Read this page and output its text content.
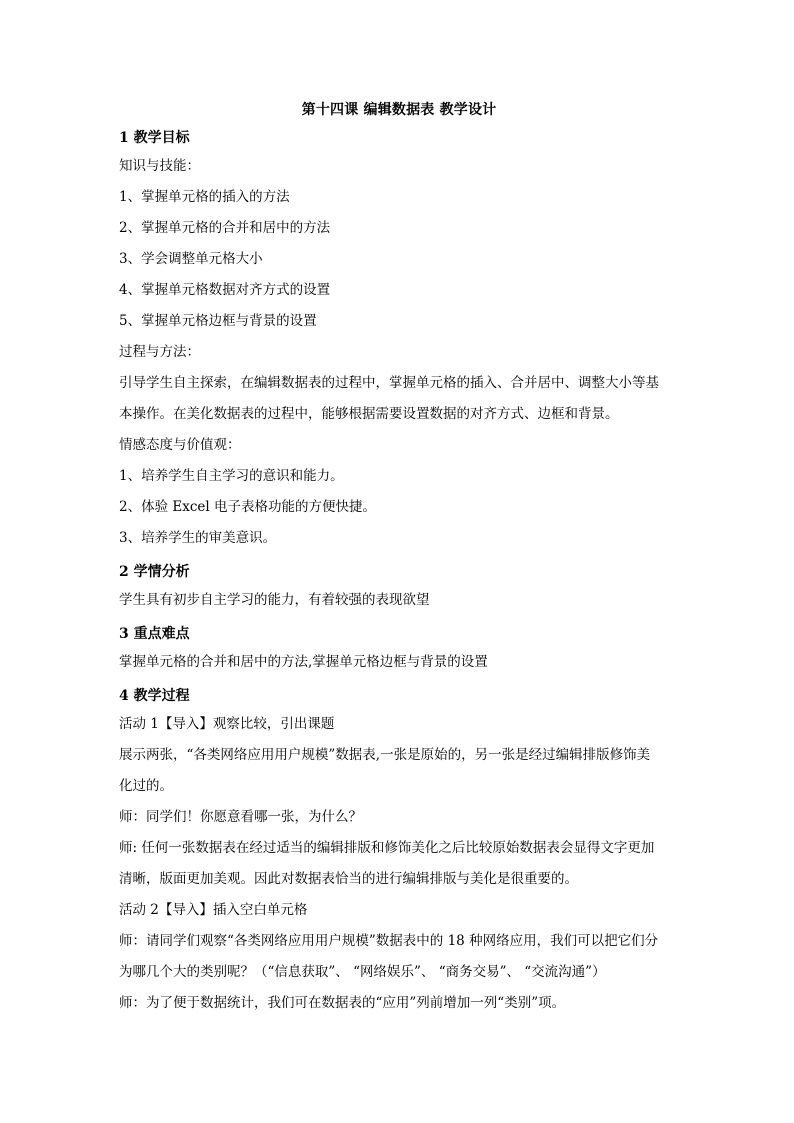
第十四课 编辑数据表 教学设计
1 教学目标
知识与技能：
1、掌握单元格的插入的方法
2、掌握单元格的合并和居中的方法
3、学会调整单元格大小
4、掌握单元格数据对齐方式的设置
5、掌握单元格边框与背景的设置
过程与方法：
引导学生自主探索，在编辑数据表的过程中，掌握单元格的插入、合并居中、调整大小等基
本操作。在美化数据表的过程中，能够根据需要设置数据的对齐方式、边框和背景。
情感态度与价值观：
1、培养学生自主学习的意识和能力。
2、体验 Excel 电子表格功能的方便快捷。
3、培养学生的审美意识。
2 学情分析
学生具有初步自主学习的能力，有着较强的表现欲望
3 重点难点
掌握单元格的合并和居中的方法,掌握单元格边框与背景的设置
4 教学过程
活动 1【导入】观察比较，引出课题
展示两张，“各类网络应用用户规模”数据表,一张是原始的，另一张是经过编辑排版修饰美
化过的。
师：同学们！你愿意看哪一张，为什么？
师: 任何一张数据表在经过适当的编辑排版和修饰美化之后比较原始数据表会显得文字更加
清晰，版面更加美观。因此对数据表恰当的进行编辑排版与美化是很重要的。
活动 2【导入】插入空白单元格
师：请同学们观察“各类网络应用用户规模”数据表中的 18 种网络应用，我们可以把它们分
为哪几个大的类别呢？（“信息获取”、 “网络娱乐”、 “商务交易”、 “交流沟通”）
师：为了便于数据统计，我们可在数据表的“应用”列前增加一列“类别”项。
